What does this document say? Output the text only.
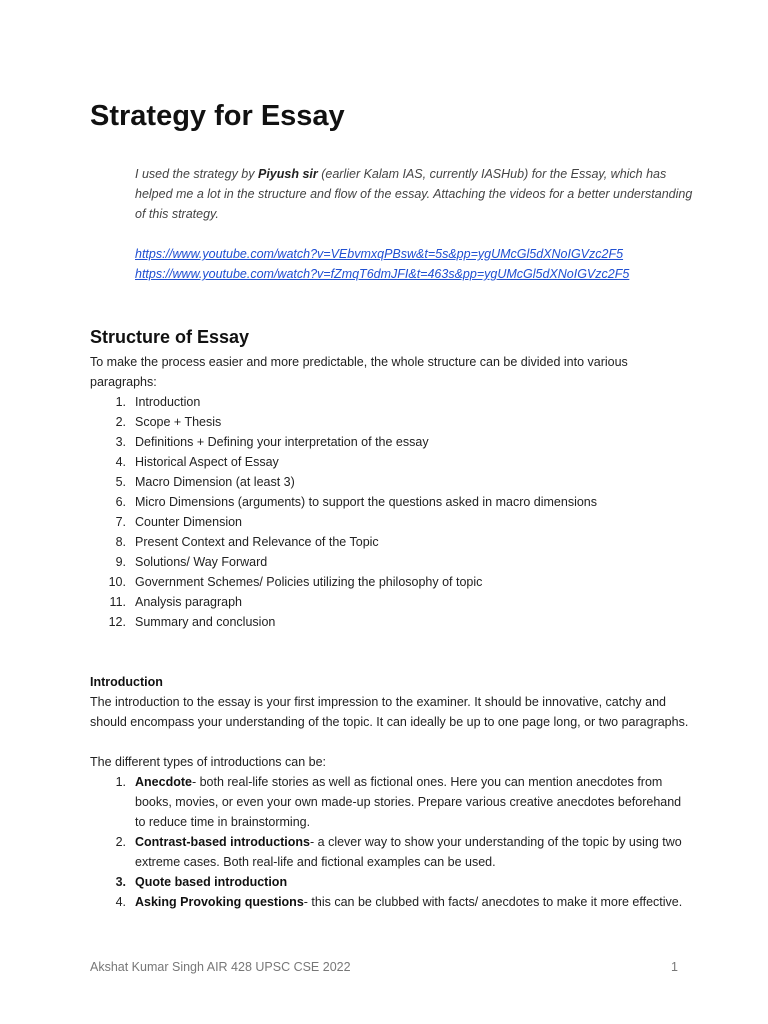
Strategy for Essay
I used the strategy by Piyush sir (earlier Kalam IAS, currently IASHub) for the Essay, which has helped me a lot in the structure and flow of the essay. Attaching the videos for a better understanding of this strategy.
https://www.youtube.com/watch?v=VEbvmxqPBsw&t=5s&pp=ygUMcGl5dXNoIGVzc2F5
https://www.youtube.com/watch?v=fZmqT6dmJFI&t=463s&pp=ygUMcGl5dXNoIGVzc2F5
Structure of Essay

To make the process easier and more predictable, the whole structure can be divided into various paragraphs:

1. Introduction
2. Scope + Thesis
3. Definitions + Defining your interpretation of the essay
4. Historical Aspect of Essay
5. Macro Dimension (at least 3)
6. Micro Dimensions (arguments) to support the questions asked in macro dimensions
7. Counter Dimension
8. Present Context and Relevance of the Topic
9. Solutions/ Way Forward
10. Government Schemes/ Policies utilizing the philosophy of topic
11. Analysis paragraph
12. Summary and conclusion
Introduction

The introduction to the essay is your first impression to the examiner. It should be innovative, catchy and should encompass your understanding of the topic. It can ideally be up to one page long, or two paragraphs.

The different types of introductions can be:

1. Anecdote- both real-life stories as well as fictional ones. Here you can mention anecdotes from books, movies, or even your own made-up stories. Prepare various creative anecdotes beforehand to reduce time in brainstorming.
2. Contrast-based introductions- a clever way to show your understanding of the topic by using two extreme cases. Both real-life and fictional examples can be used.
3. Quote based introduction
4. Asking Provoking questions- this can be clubbed with facts/ anecdotes to make it more effective.
Akshat Kumar Singh AIR 428 UPSC CSE 2022	1
